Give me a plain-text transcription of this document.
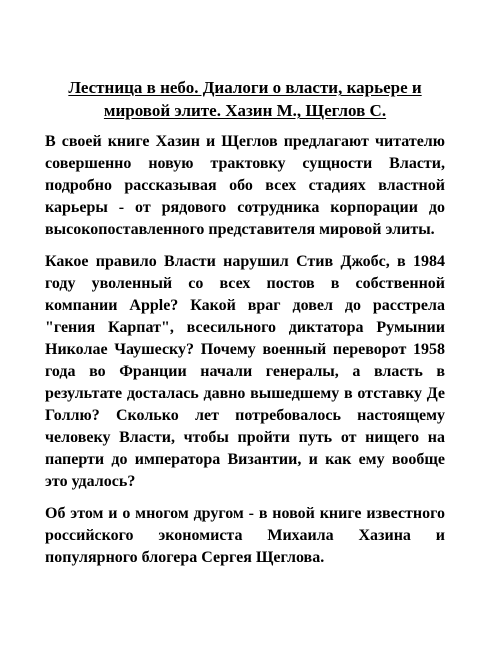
Лестница в небо. Диалоги о власти, карьере и мировой элите. Хазин М., Щеглов С.

В своей книге Хазин и Щеглов предлагают читателю совершенно новую трактовку сущности Власти, подробно рассказывая обо всех стадиях властной карьеры - от рядового сотрудника корпорации до высокопоставленного представителя мировой элиты.

Какое правило Власти нарушил Стив Джобс, в 1984 году уволенный со всех постов в собственной компании Apple? Какой враг довел до расстрела "гения Карпат", всесильного диктатора Румынии Николае Чаушеску? Почему военный переворот 1958 года во Франции начали генералы, а власть в результате досталась давно вышедшему в отставку Де Голлю? Сколько лет потребовалось настоящему человеку Власти, чтобы пройти путь от нищего на паперти до императора Византии, и как ему вообще это удалось?

Об этом и о многом другом - в новой книге известного российского экономиста Михаила Хазина и популярного блогера Сергея Щеглова.
